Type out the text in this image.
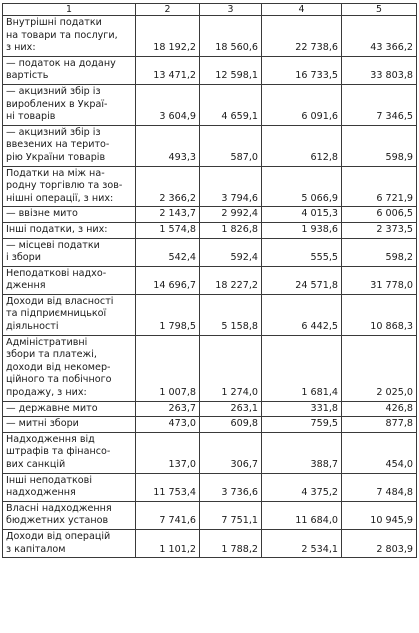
1	2	3	4	5

Внутрішні податки
на товари та послуги,
з них:	18 192,2	18 560,6	22 738,6	43 366,2

— податок на додану
вартість	13 471,2	12 598,1	16 733,5	33 803,8

— акцизний збір із
вироблених в Украї-
ні товарів	3 604,9	4 659,1	6 091,6	7 346,5

— акцизний збір із
ввезених на терито-
рію України товарів	493,3	587,0	612,8	598,9

Податки на між на-
родну торгівлю та зов-
нішні операції, з них:	2 366,2	3 794,6	5 066,9	6 721,9

— ввізне мито	2 143,7	2 992,4	4 015,3	6 006,5

Інші податки, з них:	1 574,8	1 826,8	1 938,6	2 373,5

— місцеві податки
і збори	542,4	592,4	555,5	598,2

Неподаткові надхо-
дження	14 696,7	18 227,2	24 571,8	31 778,0

Доходи від власності
та підприємницької
діяльності	1 798,5	5 158,8	6 442,5	10 868,3

Адміністративні
збори та платежі,
доходи від некомер-
ційного та побічного
продажу, з них:	1 007,8	1 274,0	1 681,4	2 025,0

— державне мито	263,7	263,1	331,8	426,8

— митні збори	473,0	609,8	759,5	877,8

Надходження від
штрафів та фінансо-
вих санкцій	137,0	306,7	388,7	454,0

Інші неподаткові
надходження	11 753,4	3 736,6	4 375,2	7 484,8

Власні надходження
бюджетних установ	7 741,6	7 751,1	11 684,0	10 945,9

Доходи від операцій
з капіталом	1 101,2	1 788,2	2 534,1	2 803,9
